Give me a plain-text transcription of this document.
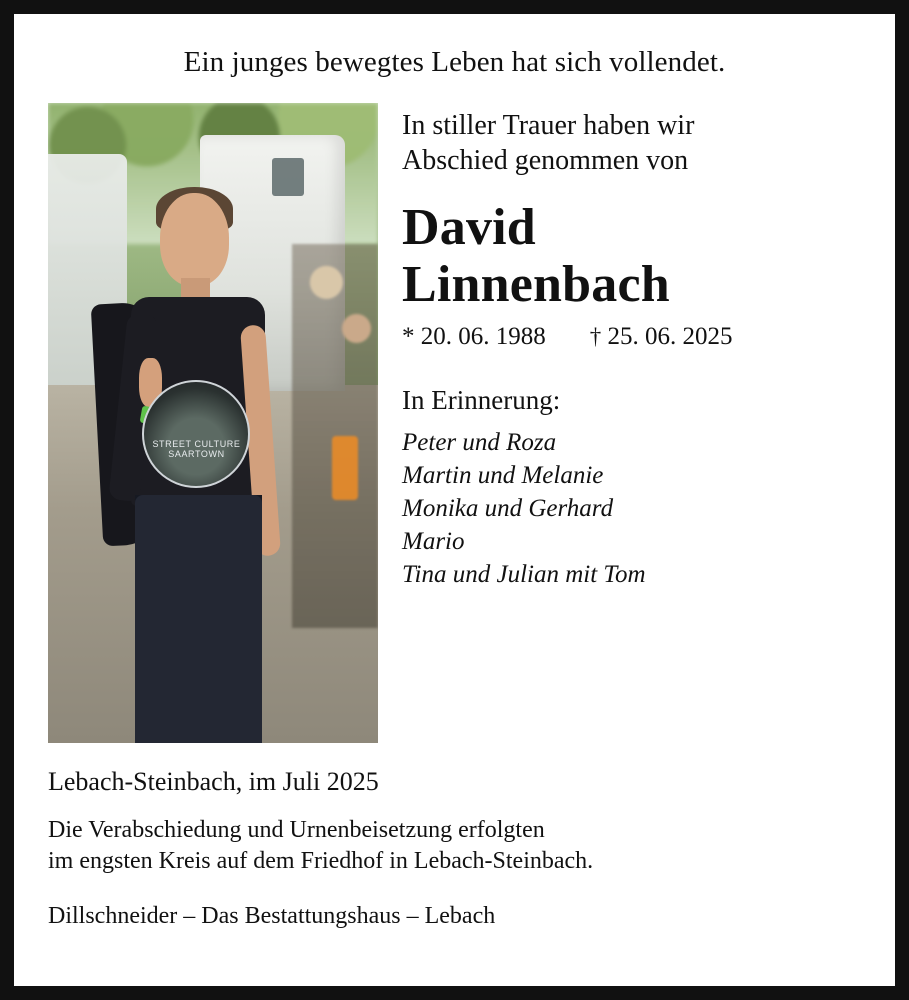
Ein junges bewegtes Leben hat sich vollendet.
STREET CULTURE
SAARTOWN
In stiller Trauer haben wir
Abschied genommen von
David
Linnenbach
* 20. 06. 1988 † 25. 06. 2025
In Erinnerung:
Peter und Roza
Martin und Melanie
Monika und Gerhard
Mario
Tina und Julian mit Tom
Lebach-Steinbach, im Juli 2025
Die Verabschiedung und Urnenbeisetzung erfolgten
im engsten Kreis auf dem Friedhof in Lebach-Steinbach.
Dillschneider – Das Bestattungshaus – Lebach
